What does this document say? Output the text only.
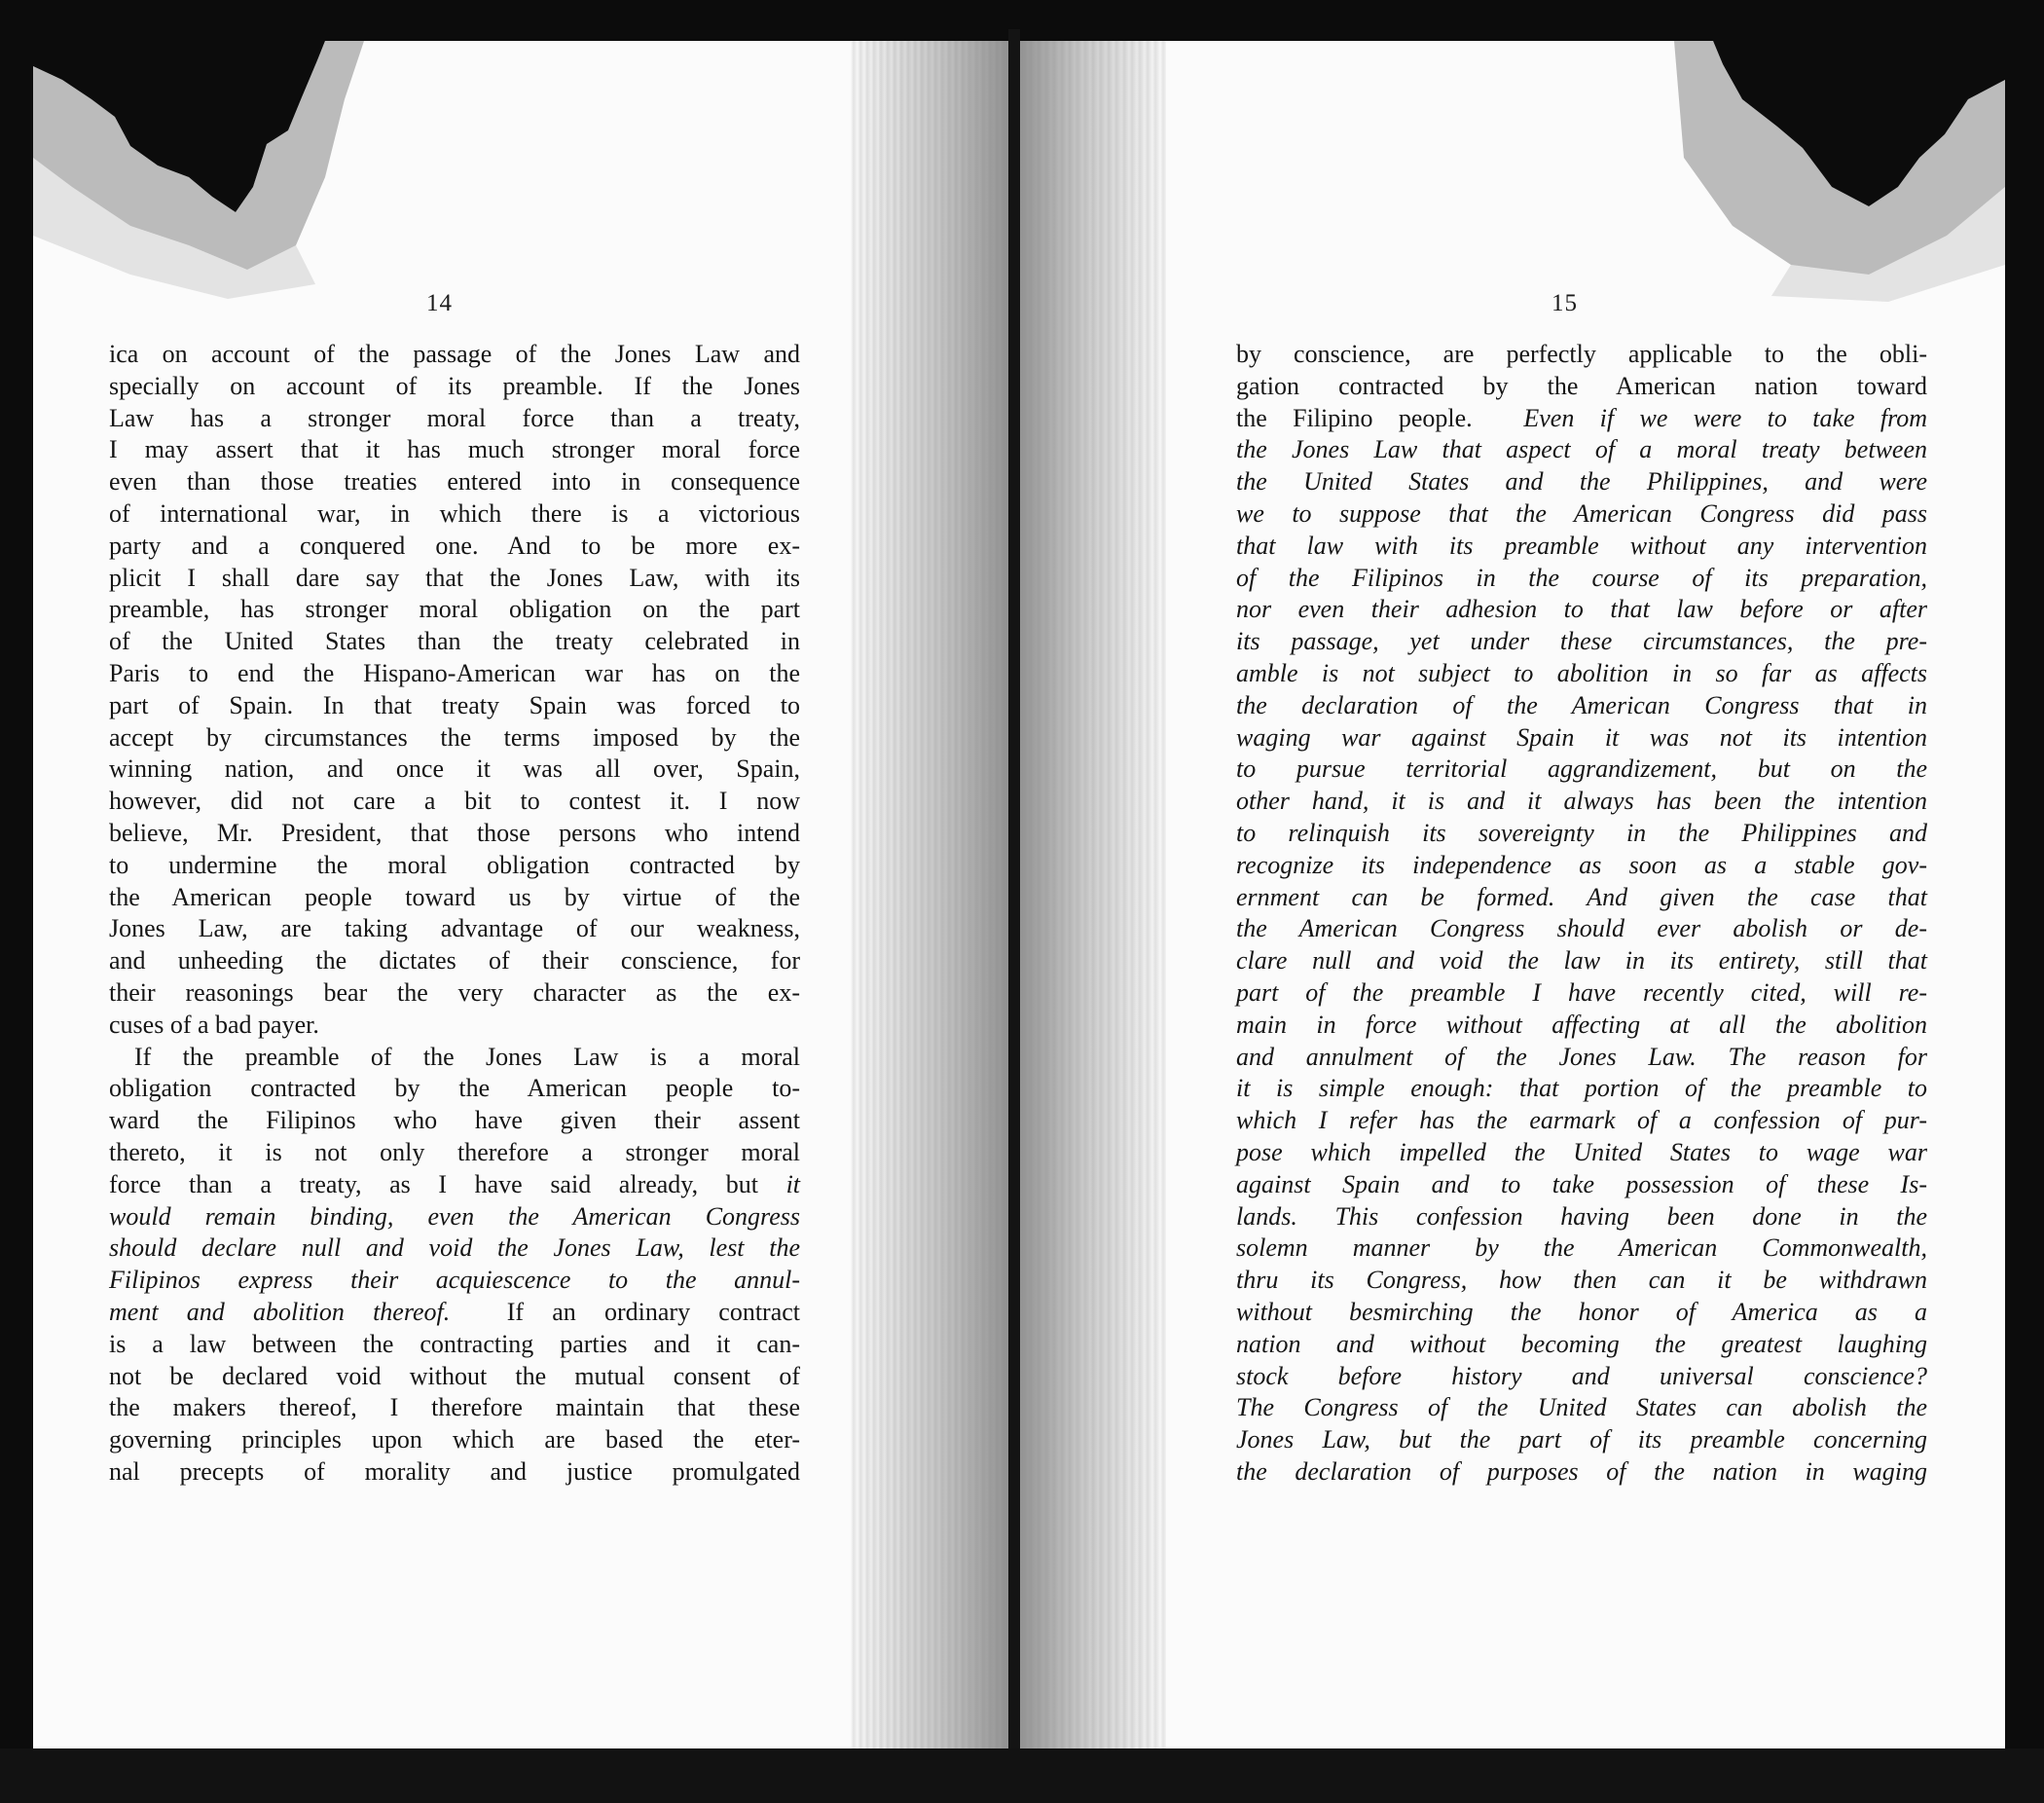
14
ica on account of the passage of the Jones Law and
specially on account of its preamble. If the Jones
Law has a stronger moral force than a treaty,
I may assert that it has much stronger moral force
even than those treaties entered into in consequence
of international war, in which there is a victorious
party and a conquered one. And to be more ex-
plicit I shall dare say that the Jones Law, with its
preamble, has stronger moral obligation on the part
of the United States than the treaty celebrated in
Paris to end the Hispano-American war has on the
part of Spain. In that treaty Spain was forced to
accept by circumstances the terms imposed by the
winning nation, and once it was all over, Spain,
however, did not care a bit to contest it. I now
believe, Mr. President, that those persons who intend
to undermine the moral obligation contracted by
the American people toward us by virtue of the
Jones Law, are taking advantage of our weakness,
and unheeding the dictates of their conscience, for
their reasonings bear the very character as the ex-
cuses of a bad payer.
If the preamble of the Jones Law is a moral
obligation contracted by the American people to-
ward the Filipinos who have given their assent
thereto, it is not only therefore a stronger moral
force than a treaty, as I have said already, but it
would remain binding, even the American Congress
should declare null and void the Jones Law, lest the
Filipinos express their acquiescence to the annul-
ment and abolition thereof. If an ordinary contract
is a law between the contracting parties and it can-
not be declared void without the mutual consent of
the makers thereof, I therefore maintain that these
governing principles upon which are based the eter-
nal precepts of morality and justice promulgated
15
by conscience, are perfectly applicable to the obli-
gation contracted by the American nation toward
the Filipino people. Even if we were to take from
the Jones Law that aspect of a moral treaty between
the United States and the Philippines, and were
we to suppose that the American Congress did pass
that law with its preamble without any intervention
of the Filipinos in the course of its preparation,
nor even their adhesion to that law before or after
its passage, yet under these circumstances, the pre-
amble is not subject to abolition in so far as affects
the declaration of the American Congress that in
waging war against Spain it was not its intention
to pursue territorial aggrandizement, but on the
other hand, it is and it always has been the intention
to relinquish its sovereignty in the Philippines and
recognize its independence as soon as a stable gov-
ernment can be formed. And given the case that
the American Congress should ever abolish or de-
clare null and void the law in its entirety, still that
part of the preamble I have recently cited, will re-
main in force without affecting at all the abolition
and annulment of the Jones Law. The reason for
it is simple enough: that portion of the preamble to
which I refer has the earmark of a confession of pur-
pose which impelled the United States to wage war
against Spain and to take possession of these Is-
lands. This confession having been done in the
solemn manner by the American Commonwealth,
thru its Congress, how then can it be withdrawn
without besmirching the honor of America as a
nation and without becoming the greatest laughing
stock before history and universal conscience?
The Congress of the United States can abolish the
Jones Law, but the part of its preamble concerning
the declaration of purposes of the nation in waging
